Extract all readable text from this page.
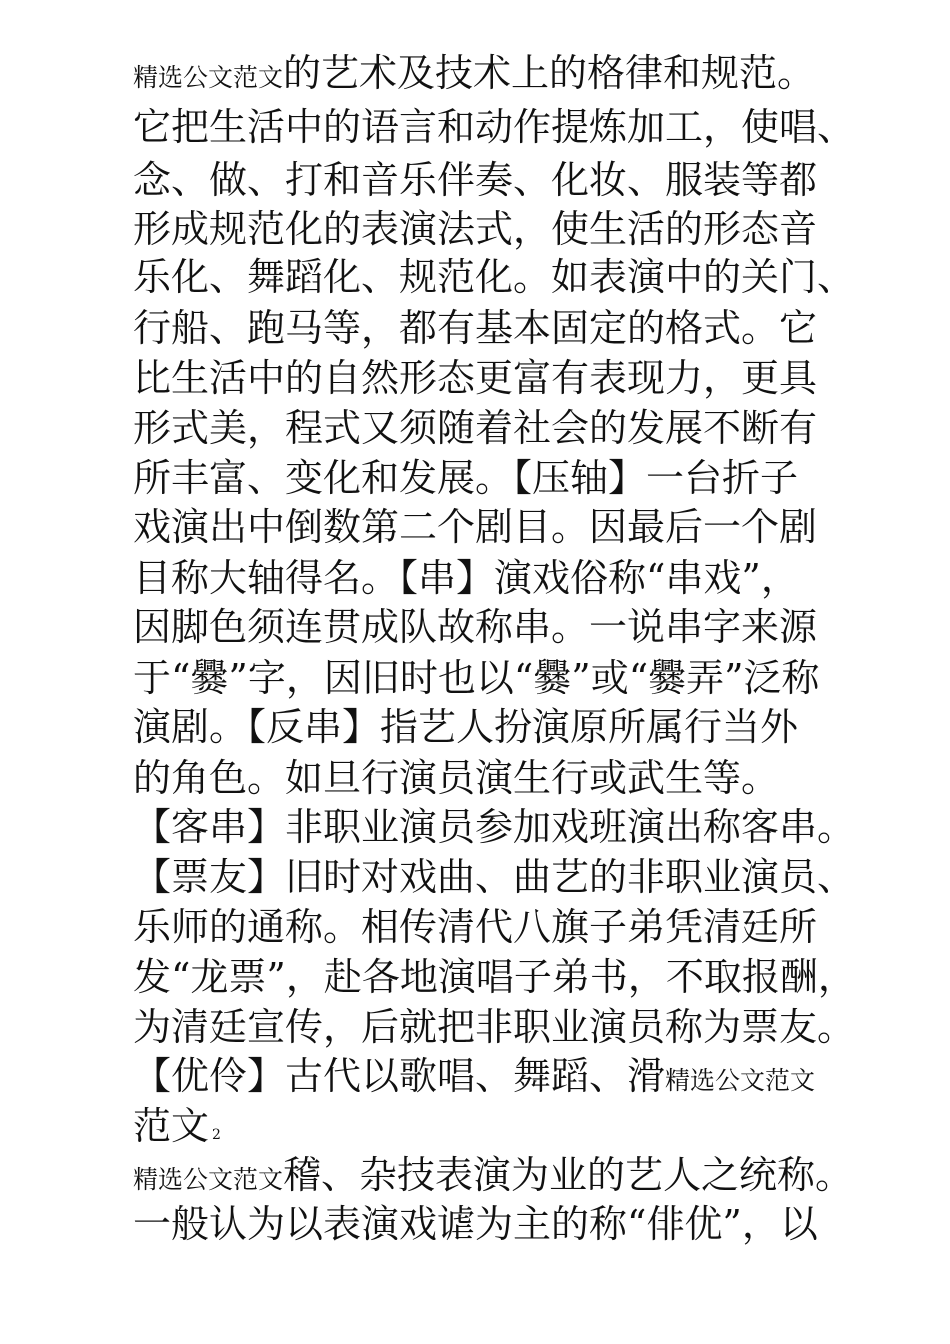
精选公文范文的艺术及技术上的格律和规范。
它把生活中的语言和动作提炼加工，使唱、
念、做、打和音乐伴奏、化妆、服装等都
形成规范化的表演法式，使生活的形态音
乐化、舞蹈化、规范化。如表演中的关门、
行船、跑马等，都有基本固定的格式。它
比生活中的自然形态更富有表现力，更具
形式美，程式又须随着社会的发展不断有
所丰富、变化和发展。【压轴】一台折子
戏演出中倒数第二个剧目。因最后一个剧
目称大轴得名。【串】演戏俗称“串戏”，
因脚色须连贯成队故称串。一说串字来源
于“爨”字，因旧时也以“爨”或“爨弄”泛称
演剧。【反串】指艺人扮演原所属行当外
的角色。如旦行演员演生行或武生等。
【客串】非职业演员参加戏班演出称客串。
【票友】旧时对戏曲、曲艺的非职业演员、
乐师的通称。相传清代八旗子弟凭清廷所
发“龙票”，赴各地演唱子弟书，不取报酬，
为清廷宣传，后就把非职业演员称为票友。
【优伶】古代以歌唱、舞蹈、滑精选公文范文
范文 2
精选公文范文稽、杂技表演为业的艺人之统称。
一般认为以表演戏谑为主的称“俳优”，以
